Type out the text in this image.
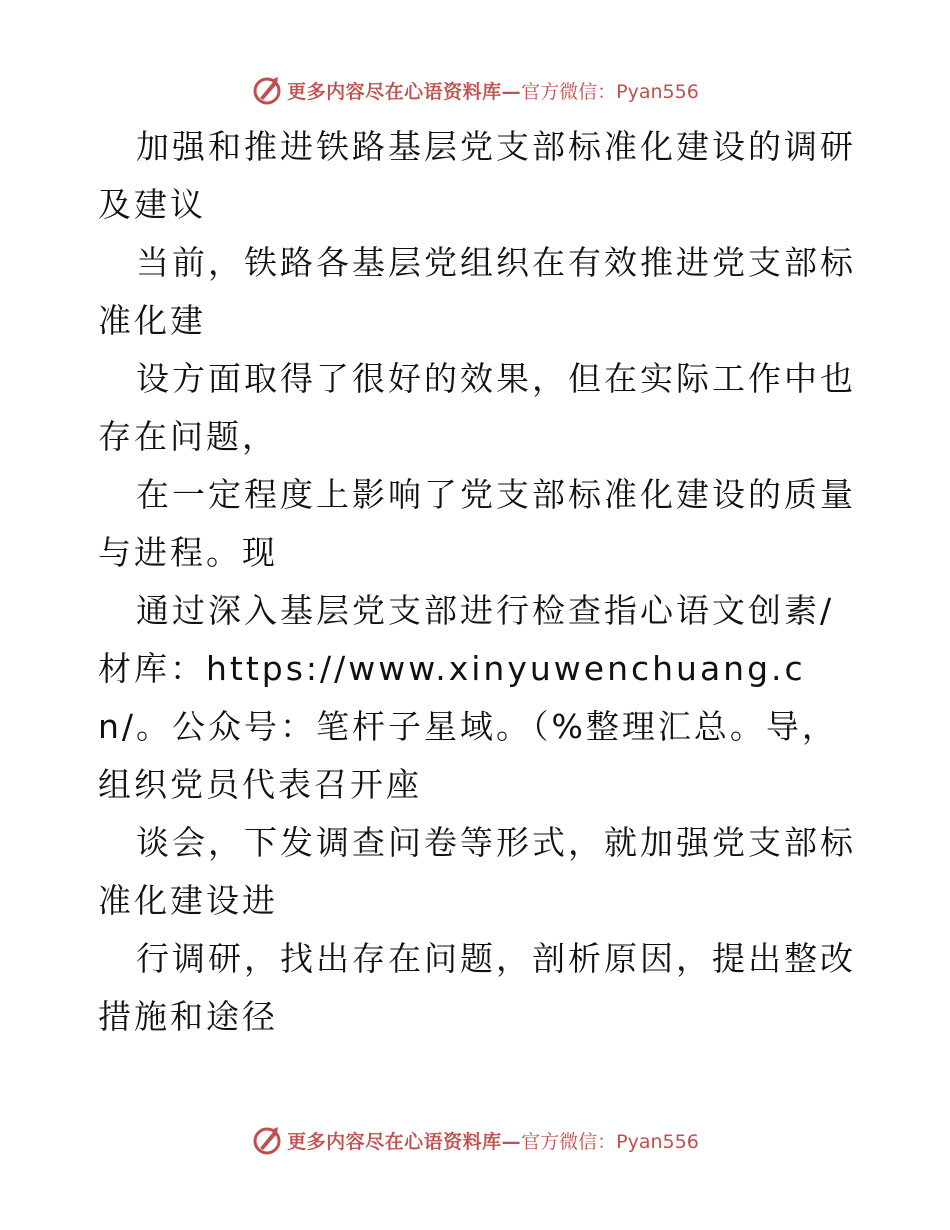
更多内容尽在心语资料库— 官方微信：Pyan556

加强和推进铁路基层党支部标准化建设的调研及建议

当前，铁路各基层党组织在有效推进党支部标准化建

设方面取得了很好的效果，但在实际工作中也存在问题，

在一定程度上影响了党支部标准化建设的质量与进程。现

通过深入基层党支部进行检查指心语文创素/材库：https://www.xinyuwenchuang.cn/。公众号：笔杆子星域。（%整理汇总。导，组织党员代表召开座

谈会，下发调查问卷等形式，就加强党支部标准化建设进

行调研，找出存在问题，剖析原因，提出整改措施和途径

更多内容尽在心语资料库— 官方微信：Pyan556
